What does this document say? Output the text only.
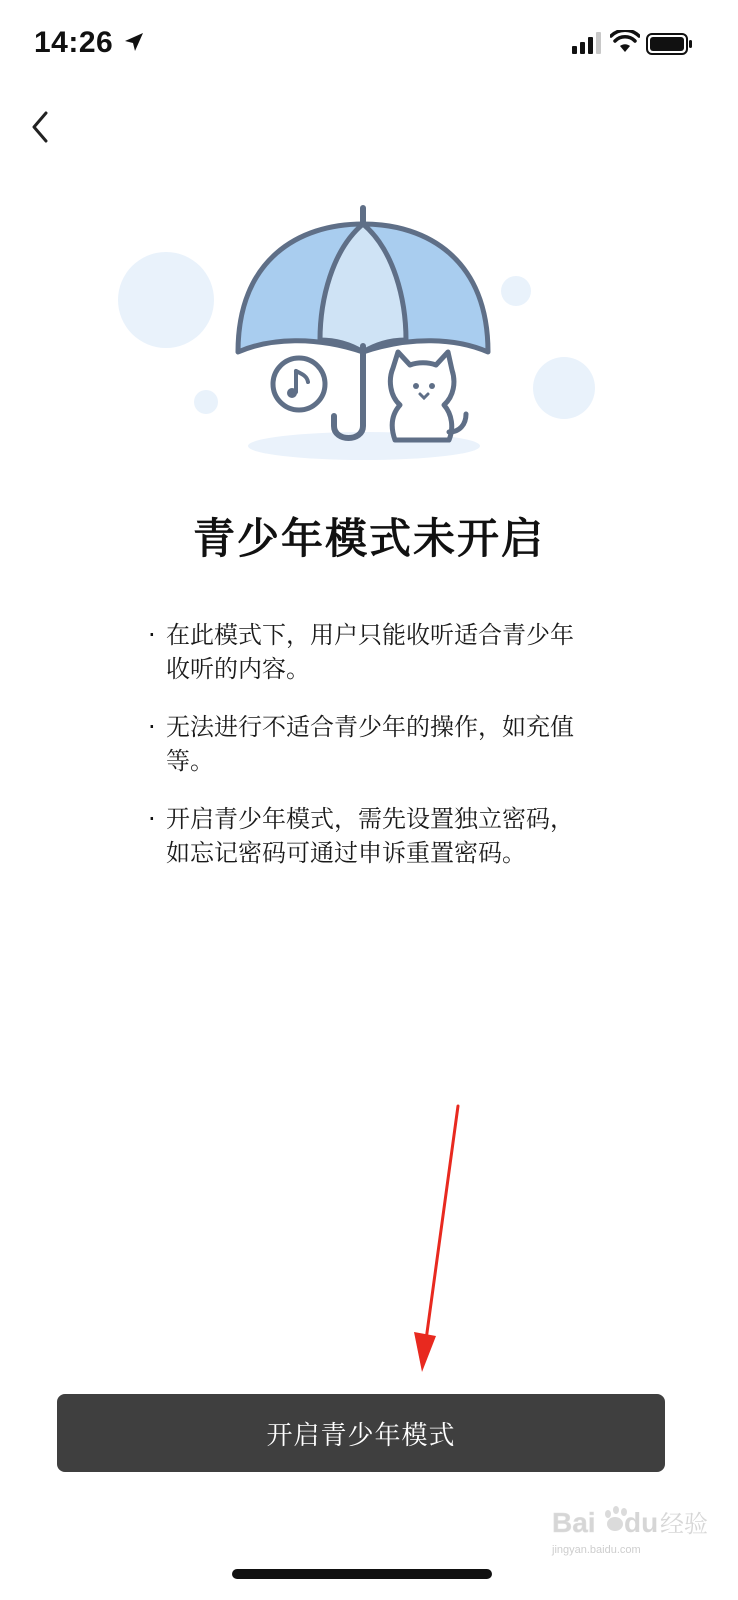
14:26
青少年模式未开启
· 在此模式下，用户只能收听适合青少年收听的内容。
· 无法进行不适合青少年的操作，如充值等。
· 开启青少年模式，需先设置独立密码，如忘记密码可通过申诉重置密码。
开启青少年模式
Bai du 经验
jingyan.baidu.com
